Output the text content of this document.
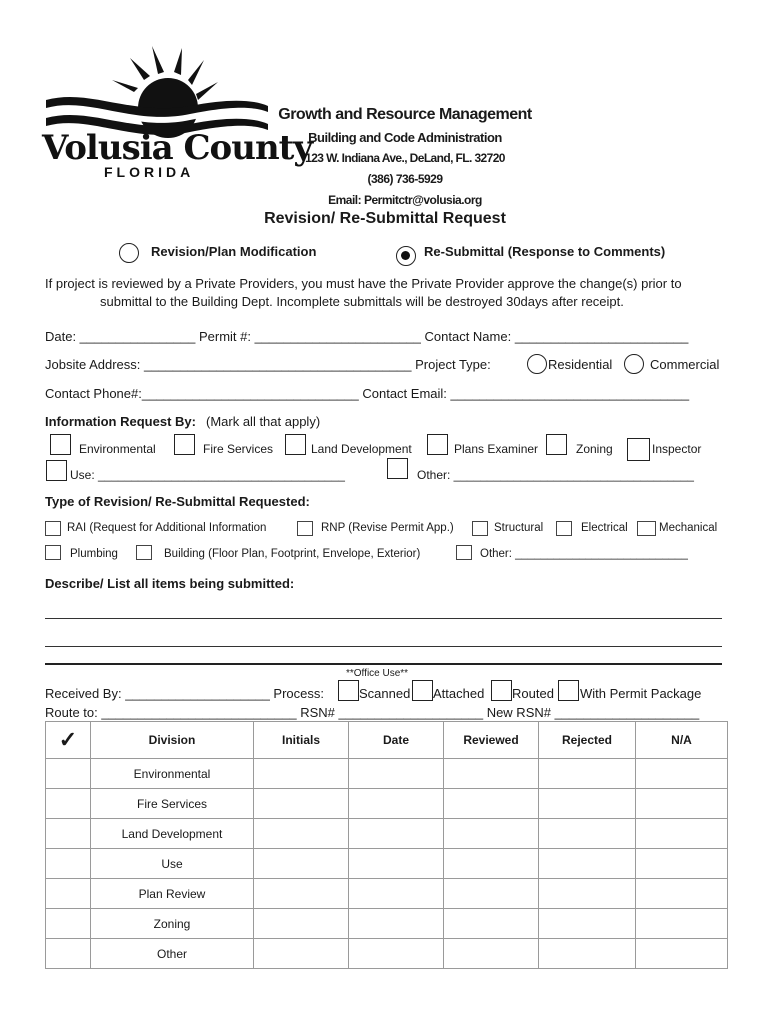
Volusia County
FLORIDA
Growth and Resource Management
Building and Code Administration
123 W. Indiana Ave., DeLand, FL. 32720
(386) 736-5929
Email: Permitctr@volusia.org
Revision/ Re-Submittal Request
Revision/Plan Modification	Re-Submittal (Response to Comments)
If project is reviewed by a Private Providers, you must have the Private Provider approve the change(s) prior to
submittal to the Building Dept. Incomplete submittals will be destroyed 30days after receipt.
Date: ________________ Permit #: _______________________ Contact Name: ________________________
Jobsite Address: _____________________________________ Project Type:	Residential	Commercial
Contact Phone#:______________________________ Contact Email: _________________________________
Information Request By: (Mark all that apply)
Environmental	Fire Services	Land Development	Plans Examiner	Zoning	Inspector
Use: _____________________________________	Other: ____________________________________
Type of Revision/ Re-Submittal Requested:
RAI (Request for Additional Information	RNP (Revise Permit App.)	Structural	Electrical	Mechanical
Plumbing	Building (Floor Plan, Footprint, Envelope, Exterior)	Other: ___________________________
Describe/ List all items being submitted:
**Office Use**
Received By: ____________________ Process:	Scanned Attached Routed With Permit Package
Route to: ___________________________ RSN# ____________________ New RSN# ____________________
✓	Division	Initials	Date	Reviewed	Rejected	N/A
	Environmental					
	Fire Services					
	Land Development					
	Use					
	Plan Review					
	Zoning					
	Other					
